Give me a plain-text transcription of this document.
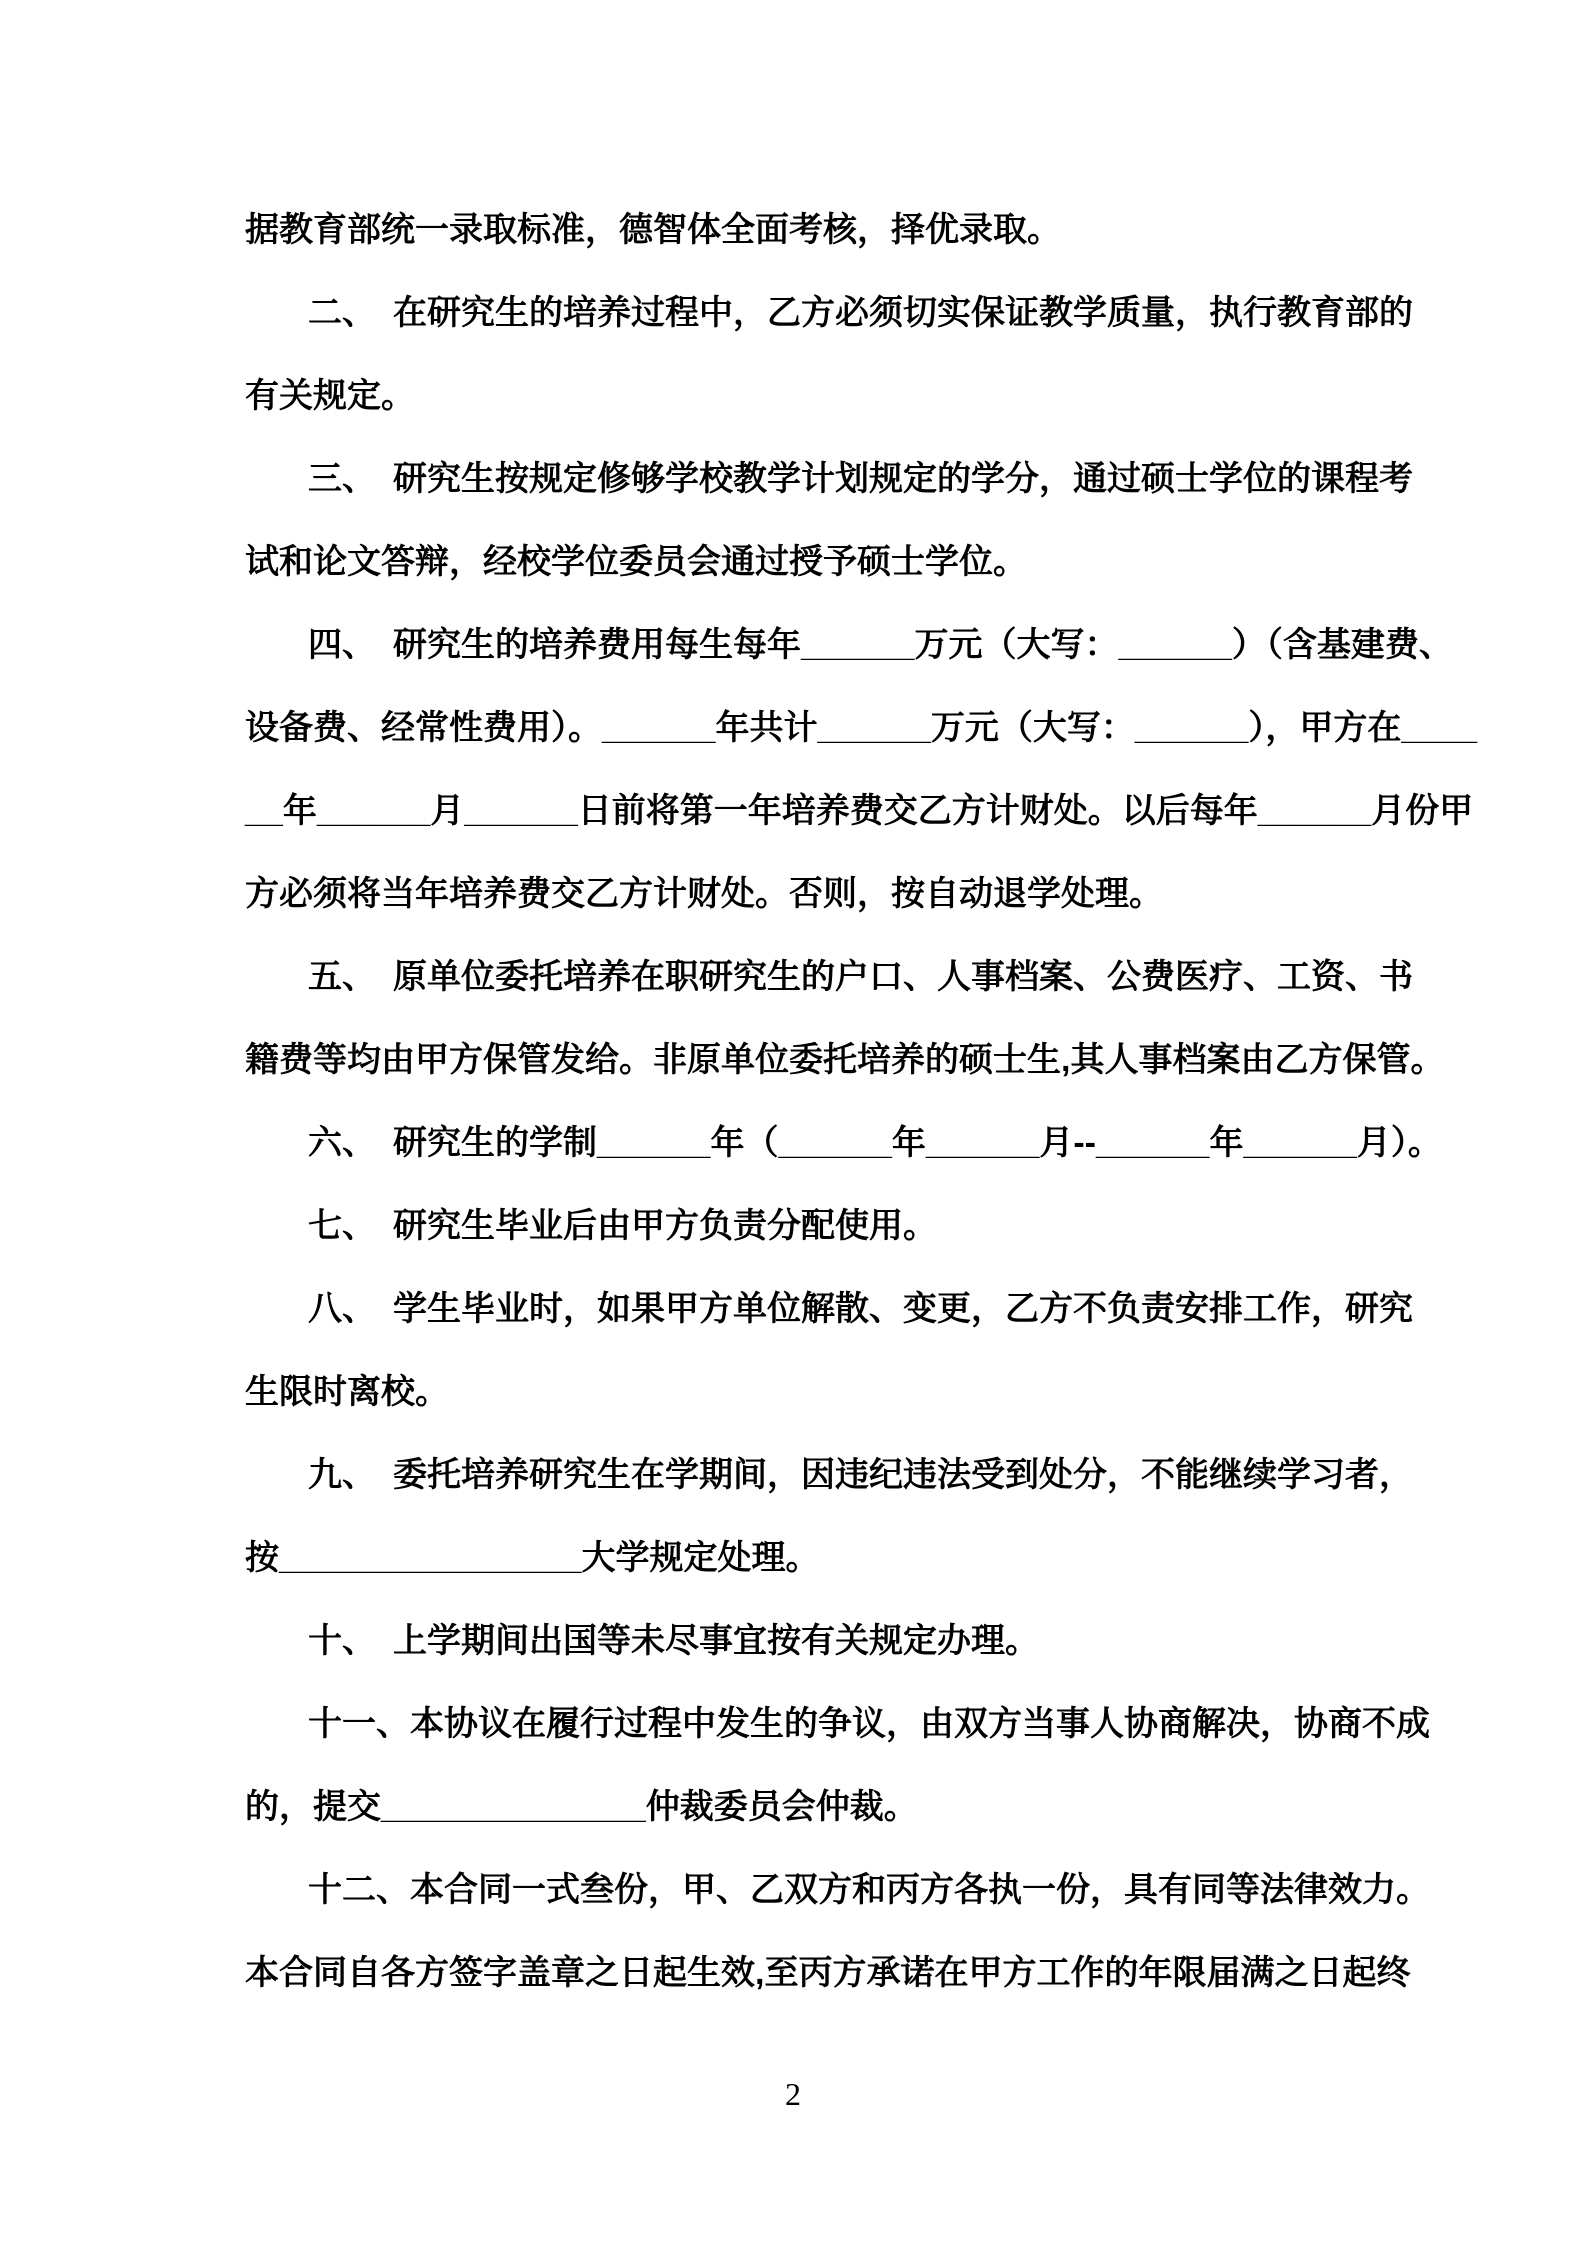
据教育部统一录取标准，德智体全面考核，择优录取。
二、　在研究生的培养过程中，乙方必须切实保证教学质量，执行教育部的
有关规定。
三、　研究生按规定修够学校教学计划规定的学分，通过硕士学位的课程考
试和论文答辩，经校学位委员会通过授予硕士学位。
四、　研究生的培养费用每生每年______万元（大写：______）（含基建费、
设备费、经常性费用）。______年共计______万元（大写：______），甲方在____
__年______月______日前将第一年培养费交乙方计财处。以后每年______月份甲
方必须将当年培养费交乙方计财处。否则，按自动退学处理。
五、　原单位委托培养在职研究生的户口、人事档案、公费医疗、工资、书
籍费等均由甲方保管发给。非原单位委托培养的硕士生,其人事档案由乙方保管。
六、　研究生的学制______年（______年______月--______年______月）。
七、　研究生毕业后由甲方负责分配使用。
八、　学生毕业时，如果甲方单位解散、变更，乙方不负责安排工作，研究
生限时离校。
九、　委托培养研究生在学期间，因违纪违法受到处分，不能继续学习者，
按________________大学规定处理。
十、　上学期间出国等未尽事宜按有关规定办理。
十一、本协议在履行过程中发生的争议，由双方当事人协商解决，协商不成
的，提交______________仲裁委员会仲裁。
十二、本合同一式叁份，甲、乙双方和丙方各执一份，具有同等法律效力。
本合同自各方签字盖章之日起生效,至丙方承诺在甲方工作的年限届满之日起终
2
